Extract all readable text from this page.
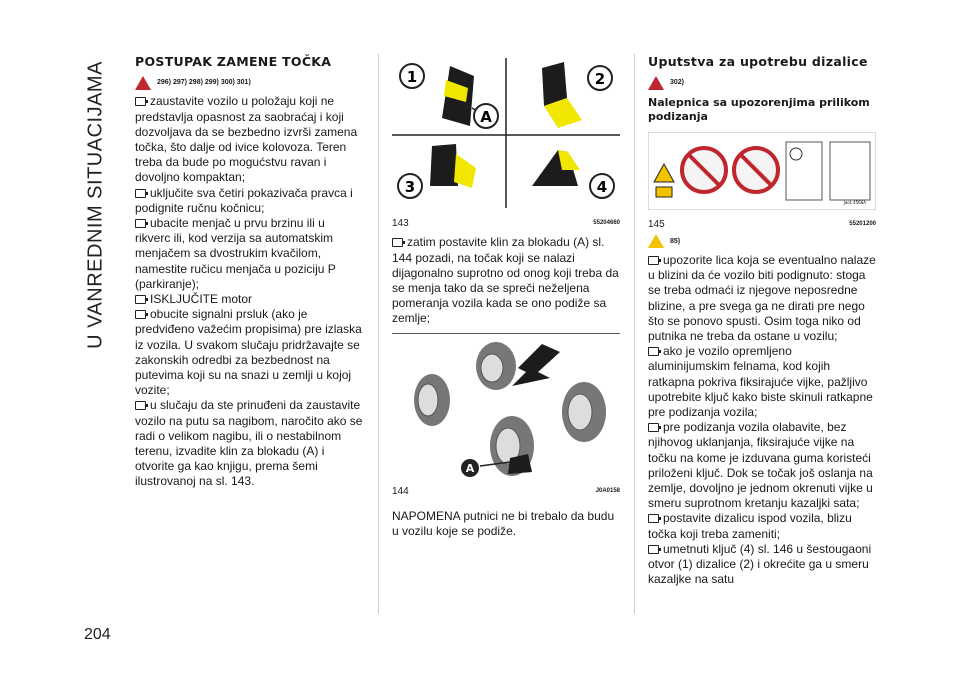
U VANREDNIM SITUACIJAMA
204
POSTUPAK ZAMENE TOČKA
296) 297) 298) 299) 300) 301)

zaustavite vozilo u položaju koji ne predstavlja opasnost za saobraćaj i koji dozvoljava da se bezbedno izvrši zamena točka, što dalje od ivice kolovoza. Teren treba da bude po mogućstvu ravan i dovoljno kompaktan;

uključite sva četiri pokazivača pravca i podignite ručnu kočnicu;

ubacite menjač u prvu brzinu ili u rikverc ili, kod verzija sa automatskim menjačem sa dvostrukim kvačilom, namestite ručicu menjača u poziciju P (parkiranje);

ISKLJUČITE motor

obucite signalni prsluk (ako je predviđeno važećim propisima) pre izlaska iz vozila. U svakom slučaju pridržavajte se zakonskih odredbi za bezbednost na putevima koji su na snazi u zemlji u kojoj vozite;

u slučaju da ste prinuđeni da zaustavite vozilo na putu sa nagibom, naročito ako se radi o velikom nagibu, ili o nestabilnom terenu, izvadite klin za blokadu (A) i otvorite ga kao knjigu, prema šemi ilustrovanoj na sl. 143.

1	2
3	4
A
143	55204660

zatim postavite klin za blokadu (A) sl. 144 pozadi, na točak koji se nalazi dijagonalno suprotno od onog koji treba da se menja tako da se spreči neželjena pomeranja vozila kada se ono podiže sa zemlje;

A
144	J0A0158

NAPOMENA putnici ne bi trebalo da budu u vozilu koje se podiže.

Uputstva za upotrebu dizalice
302)
Nalepnica sa upozorenjima prilikom podizanja
Jack 4566A
145	55201200
85)

upozorite lica koja se eventualno nalaze u blizini da će vozilo biti podignuto: stoga se treba odmaći iz njegove neposredne blizine, a pre svega ga ne dirati pre nego što se ponovo spusti. Osim toga niko od putnika ne treba da ostane u vozilu;

ako je vozilo opremljeno aluminijumskim felnama, kod kojih ratkapna pokriva fiksirajuće vijke, pažljivo upotrebite ključ kako biste skinuli ratkapne pre podizanja vozila;

pre podizanja vozila olabavite, bez njihovog uklanjanja, fiksirajuće vijke na točku na kome je izduvana guma koristeći priloženi ključ. Dok se točak još oslanja na zemlje, dovoljno je jednom okrenuti vijke u smeru suprotnom kretanju kazaljki sata;

postavite dizalicu ispod vozila, blizu točka koji treba zameniti;

umetnuti ključ (4) sl. 146 u šestougaoni otvor (1) dizalice (2) i okrećite ga u smeru kazaljke na satu
